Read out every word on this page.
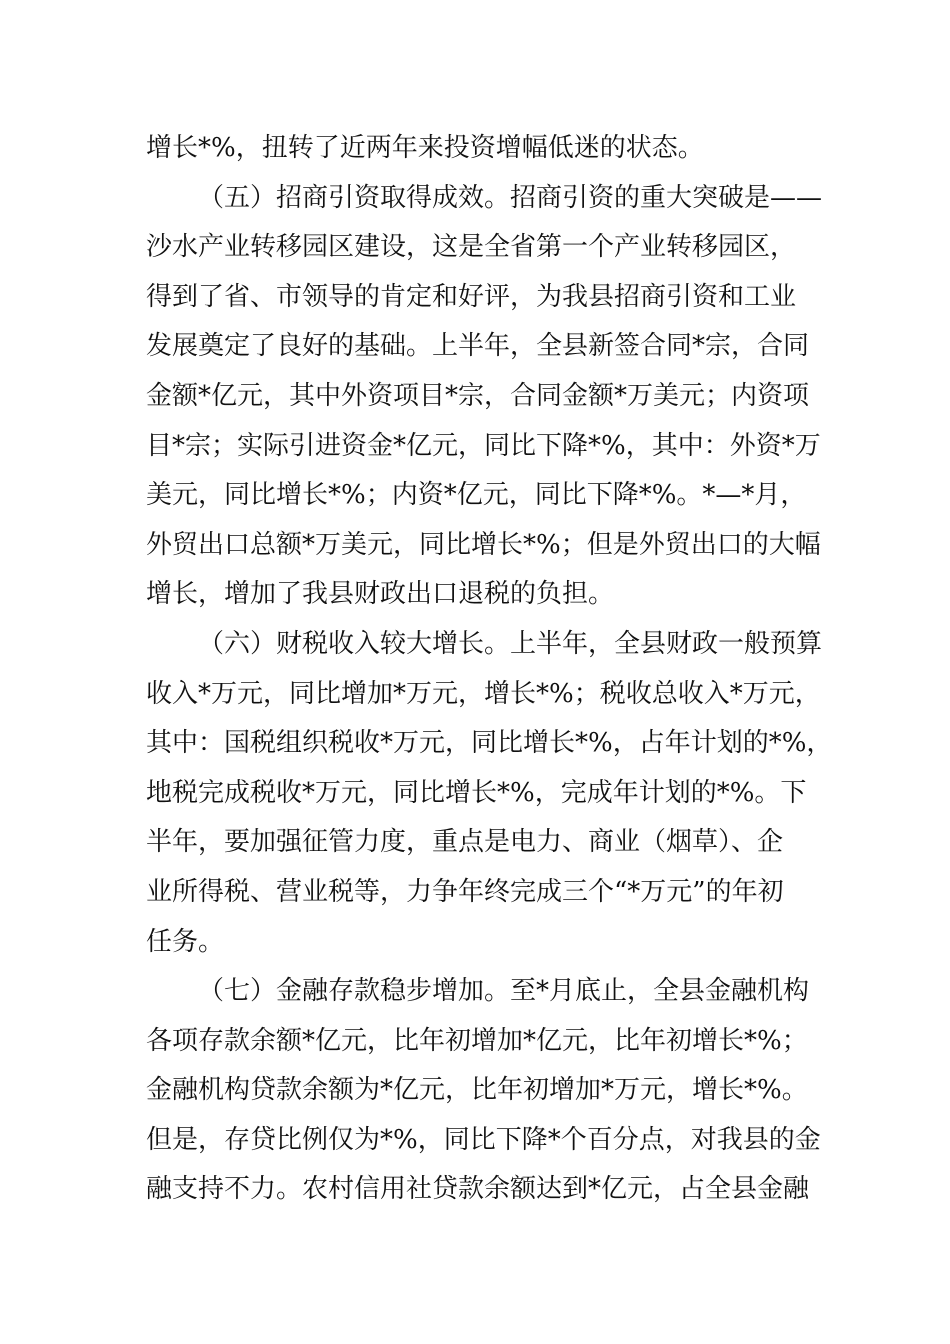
增长*%，扭转了近两年来投资增幅低迷的状态。
（五）招商引资取得成效。招商引资的重大突破是——
沙水产业转移园区建设，这是全省第一个产业转移园区，
得到了省、市领导的肯定和好评，为我县招商引资和工业
发展奠定了良好的基础。上半年，全县新签合同*宗，合同
金额*亿元，其中外资项目*宗，合同金额*万美元；内资项
目*宗；实际引进资金*亿元，同比下降*%，其中：外资*万
美元，同比增长*%；内资*亿元，同比下降*%。*—*月，
外贸出口总额*万美元，同比增长*%；但是外贸出口的大幅
增长，增加了我县财政出口退税的负担。
（六）财税收入较大增长。上半年，全县财政一般预算
收入*万元，同比增加*万元，增长*%；税收总收入*万元，
其中：国税组织税收*万元，同比增长*%，占年计划的*%，
地税完成税收*万元，同比增长*%，完成年计划的*%。下
半年，要加强征管力度，重点是电力、商业（烟草）、企
业所得税、营业税等，力争年终完成三个“*万元”的年初
任务。
（七）金融存款稳步增加。至*月底止，全县金融机构
各项存款余额*亿元，比年初增加*亿元，比年初增长*%；
金融机构贷款余额为*亿元，比年初增加*万元，增长*%。
但是，存贷比例仅为*%，同比下降*个百分点，对我县的金
融支持不力。农村信用社贷款余额达到*亿元，占全县金融
